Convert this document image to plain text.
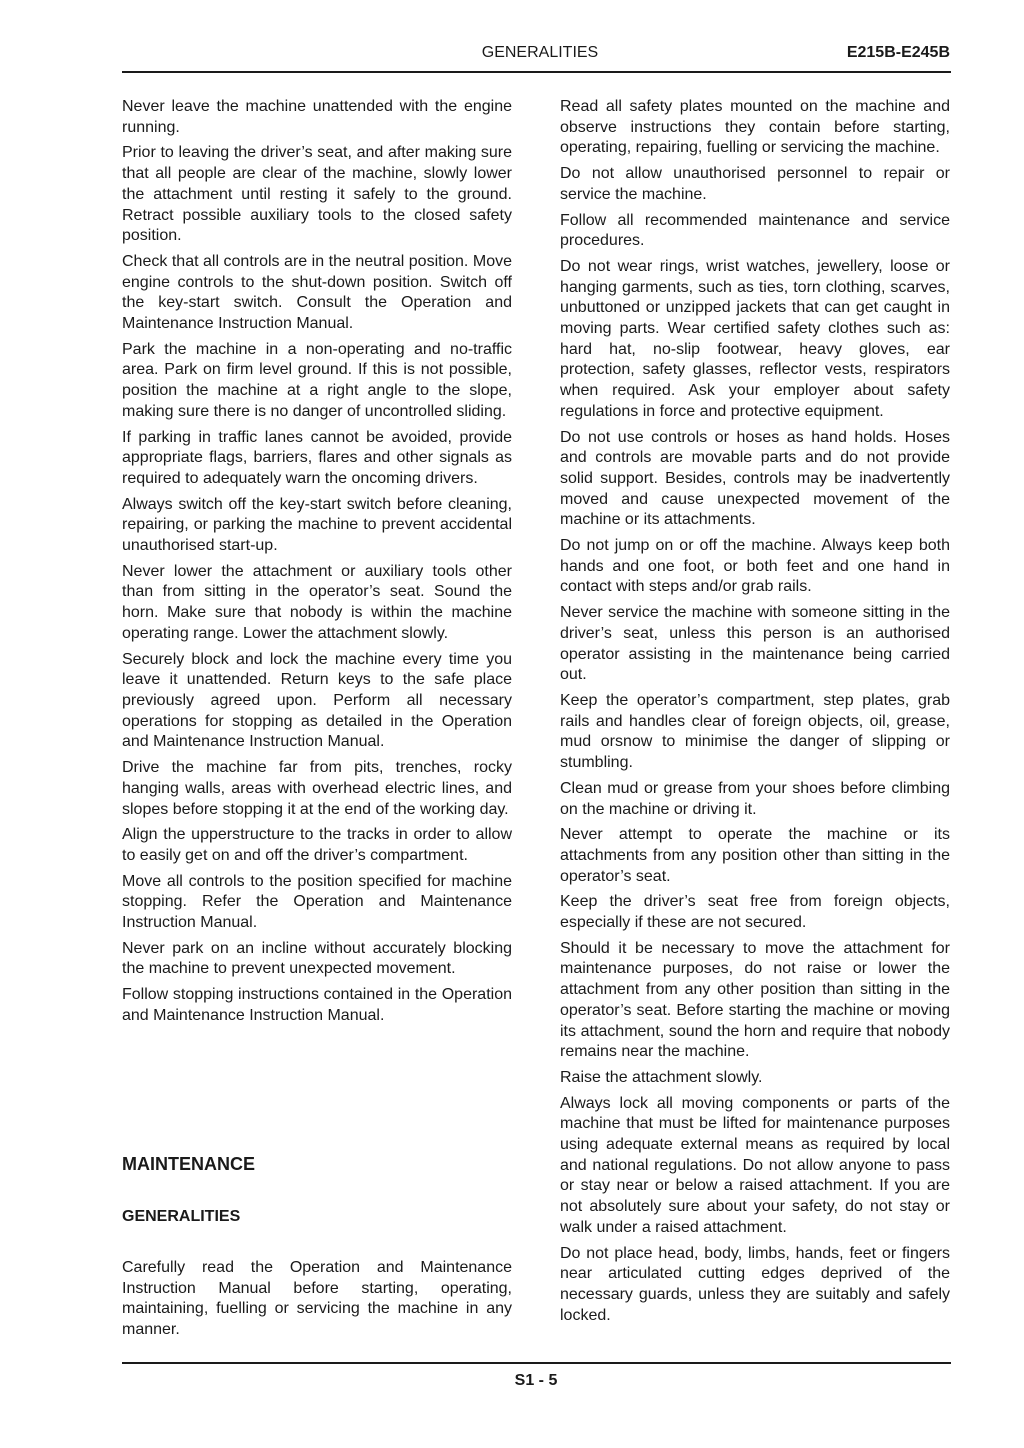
GENERALITIES	E215B-E245B

Never leave the machine unattended with the engine running.

Prior to leaving the driver’s seat, and after making sure that all people are clear of the machine, slowly lower the attachment until resting it safely to the ground. Retract possible auxiliary tools to the closed safety position.

Check that all controls are in the neutral position. Move engine controls to the shut-down position. Switch off the key-start switch. Consult the Operation and Maintenance Instruction Manual.

Park the machine in a non-operating and no-traffic area. Park on firm level ground. If this is not possible, position the machine at a right angle to the slope, making sure there is no danger of uncontrolled sliding.

If parking in traffic lanes cannot be avoided, provide appropriate flags, barriers, flares and other signals as required to adequately warn the oncoming drivers.

Always switch off the key-start switch before cleaning, repairing, or parking the machine to prevent accidental unauthorised start-up.

Never lower the attachment or auxiliary tools other than from sitting in the operator’s seat. Sound the horn. Make sure that nobody is within the machine operating range. Lower the attachment slowly.

Securely block and lock the machine every time you leave it unattended. Return keys to the safe place previously agreed upon. Perform all necessary operations for stopping as detailed in the Operation and Maintenance Instruction Manual.

Drive the machine far from pits, trenches, rocky hanging walls, areas with overhead electric lines, and slopes before stopping it at the end of the working day.

Align the upperstructure to the tracks in order to allow to easily get on and off the driver’s compartment.

Move all controls to the position specified for machine stopping. Refer the Operation and Maintenance Instruction Manual.

Never park on an incline without accurately blocking the machine to prevent unexpected movement.

Follow stopping instructions contained in the Operation and Maintenance Instruction Manual.

MAINTENANCE
GENERALITIES

Carefully read the Operation and Maintenance Instruction Manual before starting, operating, maintaining, fuelling or servicing the machine in any manner.

Read all safety plates mounted on the machine and observe instructions they contain before starting, operating, repairing, fuelling or servicing the machine.

Do not allow unauthorised personnel to repair or service the machine.

Follow all recommended maintenance and service procedures.

Do not wear rings, wrist watches, jewellery, loose or hanging garments, such as ties, torn clothing, scarves, unbuttoned or unzipped jackets that can get caught in moving parts. Wear certified safety clothes such as: hard hat, no-slip footwear, heavy gloves, ear protection, safety glasses, reflector vests, respirators when required. Ask your employer about safety regulations in force and protective equipment.

Do not use controls or hoses as hand holds. Hoses and controls are movable parts and do not provide solid support. Besides, controls may be inadvertently moved and cause unexpected movement of the machine or its attachments.

Do not jump on or off the machine. Always keep both hands and one foot, or both feet and one hand in contact with steps and/or grab rails.

Never service the machine with someone sitting in the driver’s seat, unless this person is an authorised operator assisting in the maintenance being carried out.

Keep the operator’s compartment, step plates, grab rails and handles clear of foreign objects, oil, grease, mud orsnow to minimise the danger of slipping or stumbling.

Clean mud or grease from your shoes before climbing on the machine or driving it.

Never attempt to operate the machine or its attachments from any position other than sitting in the operator’s seat.

Keep the driver’s seat free from foreign objects, especially if these are not secured.

Should it be necessary to move the attachment for maintenance purposes, do not raise or lower the attachment from any other position than sitting in the operator’s seat. Before starting the machine or moving its attachment, sound the horn and require that nobody remains near the machine.

Raise the attachment slowly.

Always lock all moving components or parts of the machine that must be lifted for maintenance purposes using adequate external means as required by local and national regulations. Do not allow anyone to pass or stay near or below a raised attachment. If you are not absolutely sure about your safety, do not stay or walk under a raised attachment.

Do not place head, body, limbs, hands, feet or fingers near articulated cutting edges deprived of the necessary guards, unless they are suitably and safely locked.

S1 - 5
